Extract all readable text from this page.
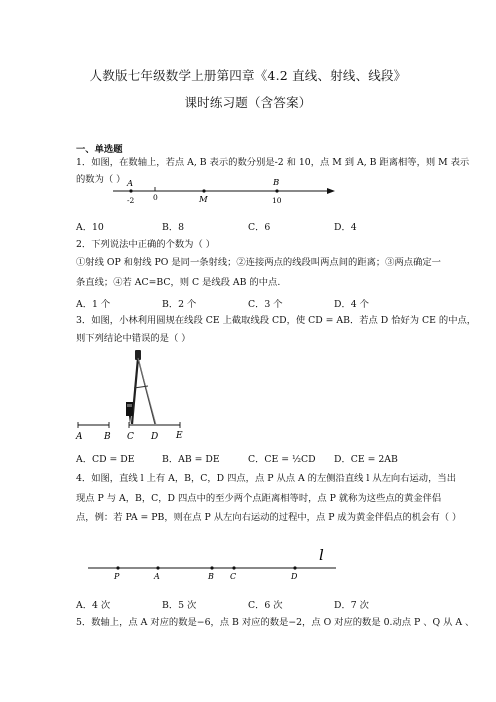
人教版七年级数学上册第四章《4.2 直线、射线、线段》
课时练习题（含答案）
一、单选题
1．如图，在数轴上，若点 A, B 表示的数分别是-2 和 10，点 M 到 A, B 距离相等，则 M 表示
的数为（ ） A	B
M
-2 0	10
A．10	B．8	C．6	D．4
2．下列说法中正确的个数为（ ）
①射线 OP 和射线 PO 是同一条射线；②连接两点的线段叫两点间的距离；③两点确定一
条直线；④若 AC=BC，则 C 是线段 AB 的中点.
A．1 个	B．2 个	C．3 个	D．4 个
3．如图，小林利用圆规在线段 CE 上截取线段 CD，使 CD = AB．若点 D 恰好为 CE 的中点，
则下列结论中错误的是（ ）
A B C D E
A．CD = DE	B．AB = DE	C．CE = ½CD D．CE = 2AB
4．如图，直线 l 上有 A，B，C，D 四点，点 P 从点 A 的左侧沿直线 l 从左向右运动，当出
现点 P 与 A，B，C，D 四点中的至少两个点距离相等时，点 P 就称为这些点的黄金伴侣
点，例：若 PA = PB，则在点 P 从左向右运动的过程中，点 P 成为黄金伴侣点的机会有（ ）
l
P	A	B C	D
A．4 次	B．5 次	C．6 次	D．7 次
5．数轴上，点 A 对应的数是−6，点 B 对应的数是−2，点 O 对应的数是 0.动点 P 、Q 从 A 、
